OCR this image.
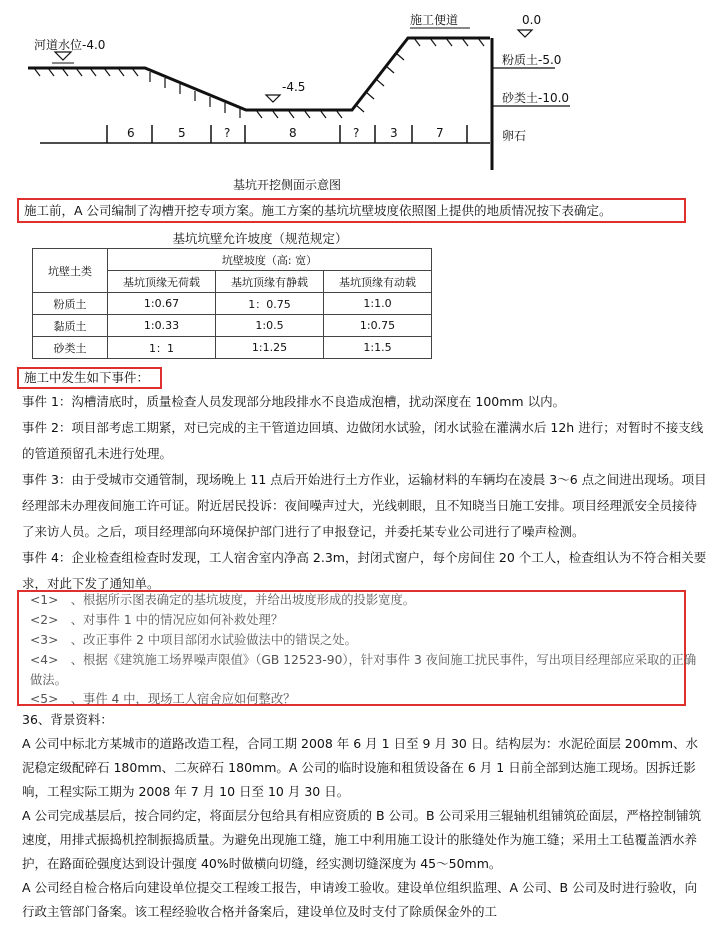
河道水位-4.0
施工便道	0.0
-4.5
粉质土-5.0
砂类土-10.0
卵石
6	5	?	8	?	3	7
基坑开挖侧面示意图
施工前，A 公司编制了沟槽开挖专项方案。施工方案的基坑坑壁坡度依照图上提供的地质情况按下表确定。
基坑坑壁允许坡度（规范规定）
坑壁土类	坑壁坡度（高: 宽）		
	基坑顶缘无荷载	基坑顶缘有静载	基坑顶缘有动载
粉质土	1:0.67	1：0.75	1:1.0
黏质土	1:0.33	1:0.5	1:0.75
砂类土	1：1	1:1.25	1:1.5
施工中发生如下事件：
事件 1：沟槽清底时，质量检查人员发现部分地段排水不良造成泡槽，扰动深度在 100mm 以内。
事件 2：项目部考虑工期紧，对已完成的主干管道边回填、边做闭水试验，闭水试验在灌满水后 12h 进行；对暂时不接支线的管道预留孔未进行处理。
事件 3：由于受城市交通管制，现场晚上 11 点后开始进行土方作业，运输材料的车辆均在凌晨 3～6 点之间进出现场。项目经理部未办理夜间施工许可证。附近居民投诉：夜间噪声过大，光线刺眼，且不知晓当日施工安排。项目经理派安全员接待了来访人员。之后，项目经理部向环境保护部门进行了申报登记，并委托某专业公司进行了噪声检测。
事件 4：企业检查组检查时发现，工人宿舍室内净高 2.3m，封闭式窗户，每个房间住 20 个工人，检查组认为不符合相关要求，对此下发了通知单。
<1>　、根据所示图表确定的基坑坡度，并给出坡度形成的投影宽度。
<2>　、对事件 1 中的情况应如何补救处理？
<3>　、改正事件 2 中项目部闭水试验做法中的错误之处。
<4>　、根据《建筑施工场界噪声限值》（GB 12523-90），针对事件 3 夜间施工扰民事件，写出项目经理部应采取的正确做法。
<5>　、事件 4 中，现场工人宿舍应如何整改？
36、背景资料：
A 公司中标北方某城市的道路改造工程，合同工期 2008 年 6 月 1 日至 9 月 30 日。结构层为：水泥砼面层 200mm、水泥稳定级配碎石 180mm、二灰碎石 180mm。A 公司的临时设施和租赁设备在 6 月 1 日前全部到达施工现场。因拆迁影响，工程实际工期为 2008 年 7 月 10 日至 10 月 30 日。
A 公司完成基层后，按合同约定，将面层分包给具有相应资质的 B 公司。B 公司采用三辊轴机组铺筑砼面层，严格控制铺筑速度，用排式振捣机控制振捣质量。为避免出现施工缝，施工中利用施工设计的胀缝处作为施工缝；采用土工毡覆盖洒水养护，在路面砼强度达到设计强度 40%时做横向切缝，经实测切缝深度为 45～50mm。
A 公司经自检合格后向建设单位提交工程竣工报告，申请竣工验收。建设单位组织监理、A 公司、B 公司及时进行验收，向行政主管部门备案。该工程经验收合格并备案后，建设单位及时支付了除质保金外的工
